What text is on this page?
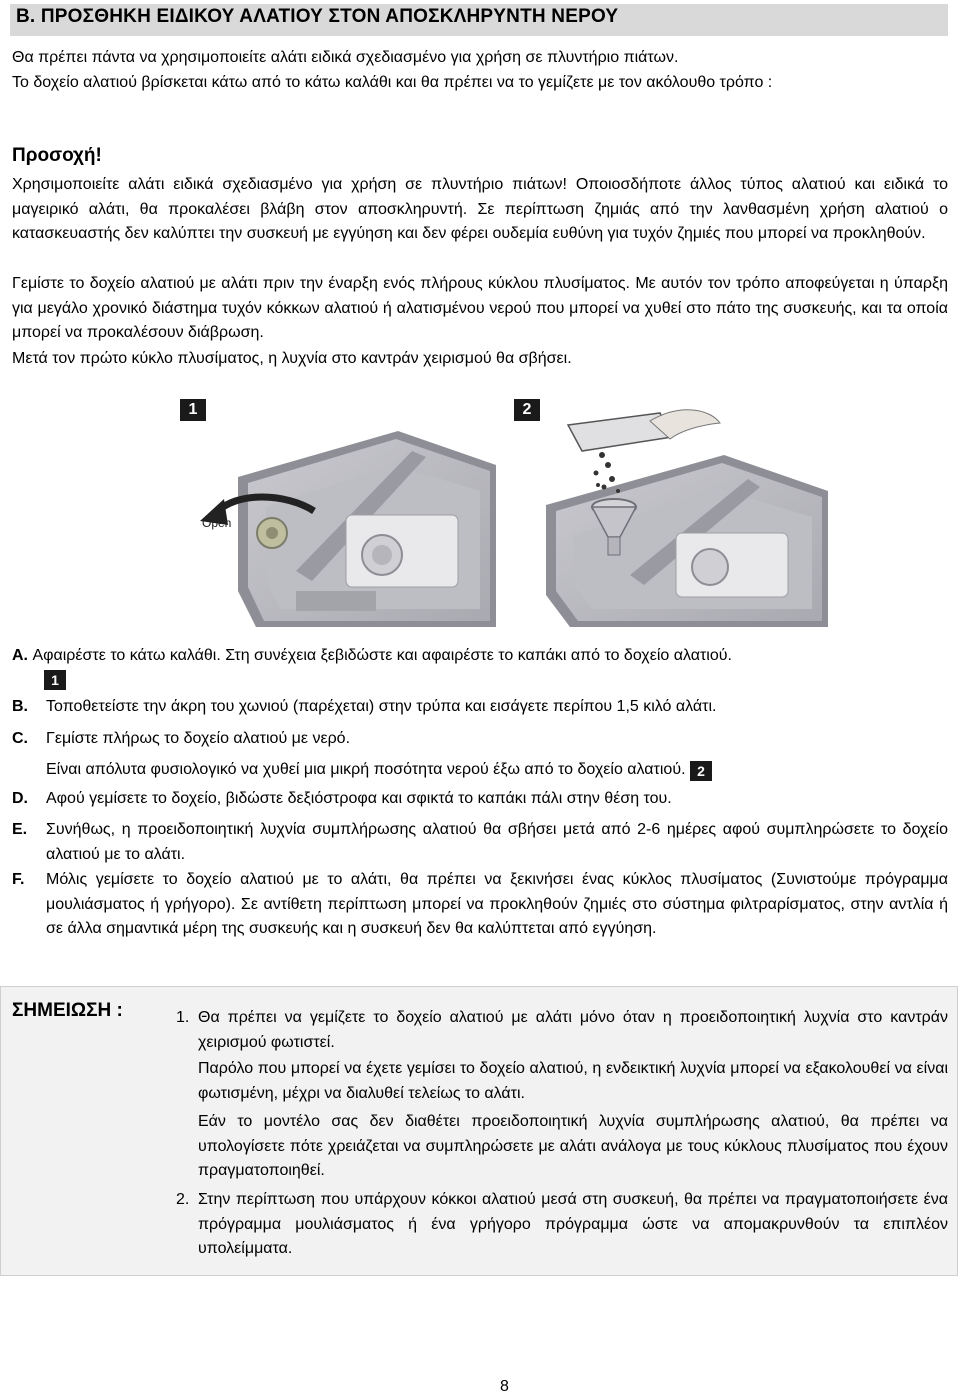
B. ΠΡΟΣΘΗΚΗ ΕΙΔΙΚΟΥ ΑΛΑΤΙΟΥ ΣΤΟΝ ΑΠΟΣΚΛΗΡΥΝΤΗ ΝΕΡΟΥ
Θα πρέπει πάντα να χρησιμοποιείτε αλάτι ειδικά σχεδιασμένο για χρήση σε πλυντήριο πιάτων.
Το δοχείο αλατιού βρίσκεται κάτω από το κάτω καλάθι και θα πρέπει να το γεμίζετε με τον ακόλουθο τρόπο :
Προσοχή!
Χρησιμοποιείτε αλάτι ειδικά σχεδιασμένο για χρήση σε πλυντήριο πιάτων! Οποιοσδήποτε άλλος τύπος αλατιού και ειδικά το μαγειρικό αλάτι, θα προκαλέσει βλάβη στον αποσκληρυντή. Σε περίπτωση ζημιάς από την λανθασμένη χρήση αλατιού ο κατασκευαστής δεν καλύπτει την συσκευή με εγγύηση και δεν φέρει ουδεμία ευθύνη για τυχόν ζημιές που μπορεί να προκληθούν.
Γεμίστε το δοχείο αλατιού με αλάτι πριν την έναρξη ενός πλήρους κύκλου πλυσίματος. Με αυτόν τον τρόπο αποφεύγεται η ύπαρξη για μεγάλο χρονικό διάστημα τυχόν κόκκων αλατιού ή αλατισμένου νερού που μπορεί να χυθεί στο πάτο της συσκευής, και τα οποία μπορεί να προκαλέσουν διάβρωση.
Μετά τον πρώτο κύκλο πλυσίματος, η λυχνία στο καντράν χειρισμού θα σβήσει.
1
Open
2
A. Αφαιρέστε το κάτω καλάθι. Στη συνέχεια ξεβιδώστε και αφαιρέστε το καπάκι από το δοχείο αλατιού.
1
B. Τοποθετείστε την άκρη του χωνιού (παρέχεται) στην τρύπα και εισάγετε περίπου 1,5 κιλό αλάτι.
C. Γεμίστε πλήρως το δοχείο αλατιού με νερό.
Είναι απόλυτα φυσιολογικό να χυθεί μια μικρή ποσότητα νερού έξω από το δοχείο αλατιού. 2
D. Αφού γεμίσετε το δοχείο, βιδώστε δεξιόστροφα και σφικτά το καπάκι πάλι στην θέση του.
E.	Συνήθως, η προειδοποιητική λυχνία συμπλήρωσης αλατιού θα σβήσει μετά από 2-6 ημέρες αφού συμπληρώσετε το δοχείο αλατιού με το αλάτι.
F.	Μόλις γεμίσετε το δοχείο αλατιού με το αλάτι, θα πρέπει να ξεκινήσει ένας κύκλος πλυσίματος (Συνιστούμε πρόγραμμα μουλιάσματος ή γρήγορο). Σε αντίθετη περίπτωση μπορεί να προκληθούν ζημιές στο σύστημα φιλτραρίσματος, στην αντλία ή σε άλλα σημαντικά μέρη της συσκευής και η συσκευή δεν θα καλύπτεται από εγγύηση.
ΣΗΜΕΙΩΣΗ :	1. Θα πρέπει να γεμίζετε το δοχείο αλατιού με αλάτι μόνο όταν η προειδοποιητική λυχνία στο καντράν χειρισμού φωτιστεί.
Παρόλο που μπορεί να έχετε γεμίσει το δοχείο αλατιού, η ενδεικτική λυχνία μπορεί να εξακολουθεί να είναι φωτισμένη, μέχρι να διαλυθεί τελείως το αλάτι.
Εάν το μοντέλο σας δεν διαθέτει προειδοποιητική λυχνία συμπλήρωσης αλατιού, θα πρέπει να υπολογίσετε πότε χρειάζεται να συμπληρώσετε με αλάτι ανάλογα με τους κύκλους πλυσίματος που έχουν πραγματοποιηθεί.
2. Στην περίπτωση που υπάρχουν κόκκοι αλατιού μεσά στη συσκευή, θα πρέπει να πραγματοποιήσετε ένα πρόγραμμα μουλιάσματος ή ένα γρήγορο πρόγραμμα ώστε να απομακρυνθούν τα επιπλέον υπολείμματα.
8
